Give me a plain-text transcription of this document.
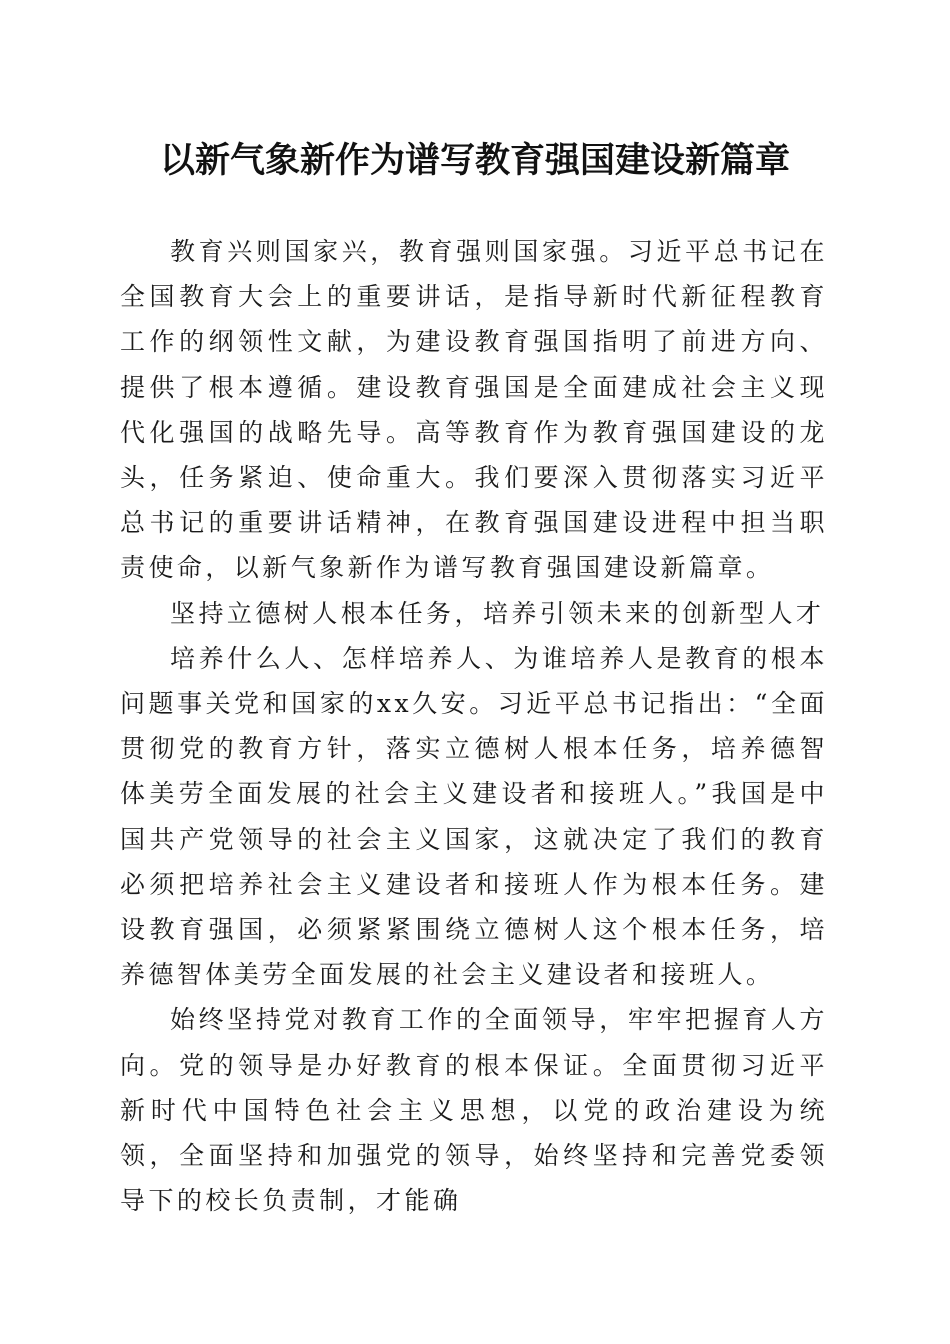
以新气象新作为谱写教育强国建设新篇章

教育兴则国家兴，教育强则国家强。习近平总书记在全国教育大会上的重要讲话，是指导新时代新征程教育工作的纲领性文献，为建设教育强国指明了前进方向、提供了根本遵循。建设教育强国是全面建成社会主义现代化强国的战略先导。高等教育作为教育强国建设的龙头，任务紧迫、使命重大。我们要深入贯彻落实习近平总书记的重要讲话精神，在教育强国建设进程中担当职责使命，以新气象新作为谱写教育强国建设新篇章。

坚持立德树人根本任务，培养引领未来的创新型人才

培养什么人、怎样培养人、为谁培养人是教育的根本问题事关党和国家的xx久安。习近平总书记指出：“全面贯彻党的教育方针，落实立德树人根本任务，培养德智体美劳全面发展的社会主义建设者和接班人。”我国是中国共产党领导的社会主义国家，这就决定了我们的教育必须把培养社会主义建设者和接班人作为根本任务。建设教育强国，必须紧紧围绕立德树人这个根本任务，培养德智体美劳全面发展的社会主义建设者和接班人。

始终坚持党对教育工作的全面领导，牢牢把握育人方向。党的领导是办好教育的根本保证。全面贯彻习近平新时代中国特色社会主义思想，以党的政治建设为统领，全面坚持和加强党的领导，始终坚持和完善党委领导下的校长负责制，才能确
